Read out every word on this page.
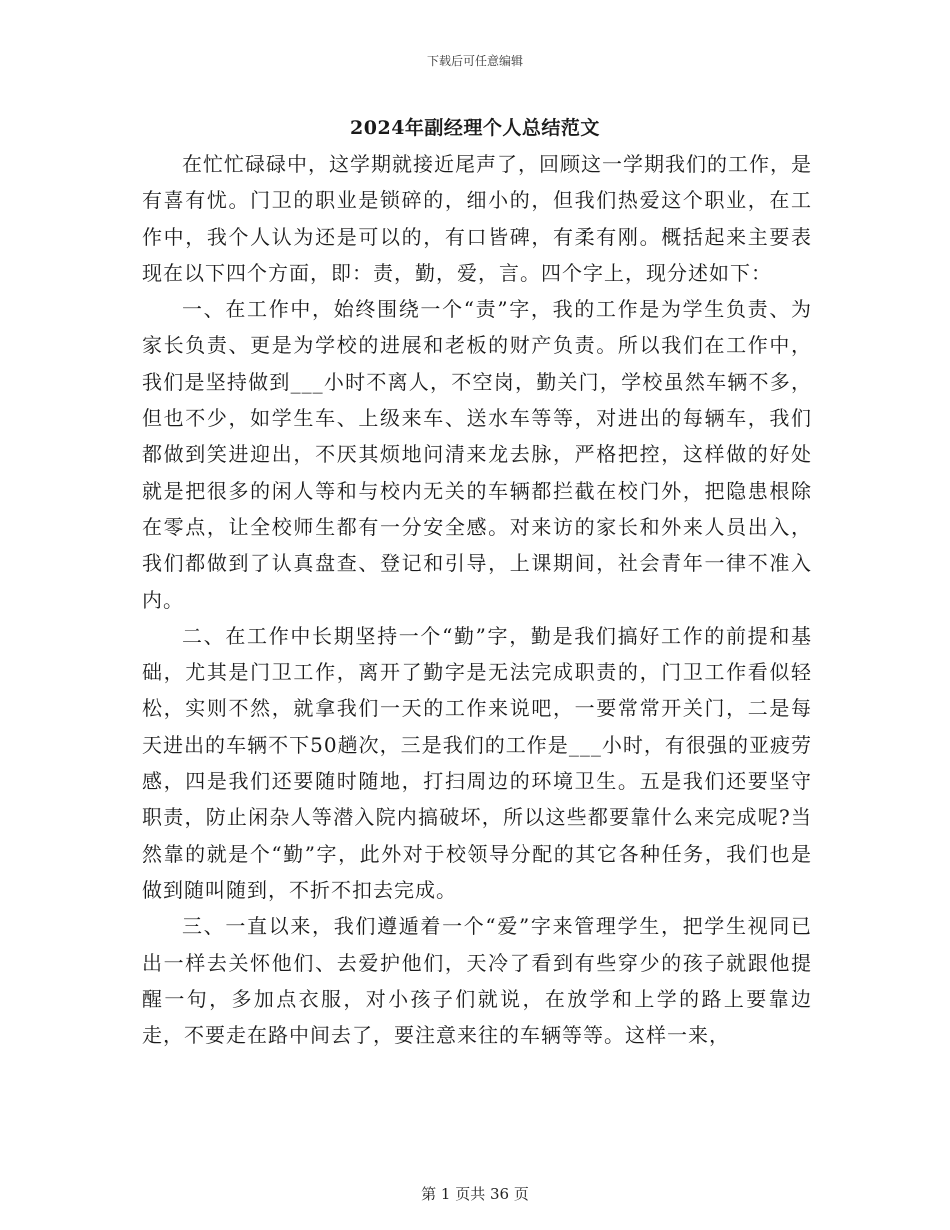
下载后可任意编辑
2024年副经理个人总结范文

在忙忙碌碌中，这学期就接近尾声了，回顾这一学期我们的工作，是有喜有忧。门卫的职业是锁碎的，细小的，但我们热爱这个职业，在工作中，我个人认为还是可以的，有口皆碑，有柔有刚。概括起来主要表现在以下四个方面，即：责，勤，爱，言。四个字上，现分述如下：

一、在工作中，始终围绕一个“责”字，我的工作是为学生负责、为家长负责、更是为学校的进展和老板的财产负责。所以我们在工作中，我们是坚持做到___小时不离人，不空岗，勤关门，学校虽然车辆不多，但也不少，如学生车、上级来车、送水车等等，对进出的每辆车，我们都做到笑进迎出，不厌其烦地问清来龙去脉，严格把控，这样做的好处就是把很多的闲人等和与校内无关的车辆都拦截在校门外，把隐患根除在零点，让全校师生都有一分安全感。对来访的家长和外来人员出入，我们都做到了认真盘查、登记和引导，上课期间，社会青年一律不准入内。

二、在工作中长期坚持一个“勤”字，勤是我们搞好工作的前提和基础，尤其是门卫工作，离开了勤字是无法完成职责的，门卫工作看似轻松，实则不然，就拿我们一天的工作来说吧，一要常常开关门，二是每天进出的车辆不下50趟次，三是我们的工作是___小时，有很强的亚疲劳感，四是我们还要随时随地，打扫周边的环境卫生。五是我们还要坚守职责，防止闲杂人等潜入院内搞破坏，所以这些都要靠什么来完成呢?当然靠的就是个“勤”字，此外对于校领导分配的其它各种任务，我们也是做到随叫随到，不折不扣去完成。

三、一直以来，我们遵遁着一个“爱”字来管理学生，把学生视同已出一样去关怀他们、去爱护他们，天冷了看到有些穿少的孩子就跟他提醒一句，多加点衣服，对小孩子们就说，在放学和上学的路上要靠边走，不要走在路中间去了，要注意来往的车辆等等。这样一来，

第 1 页共 36 页
